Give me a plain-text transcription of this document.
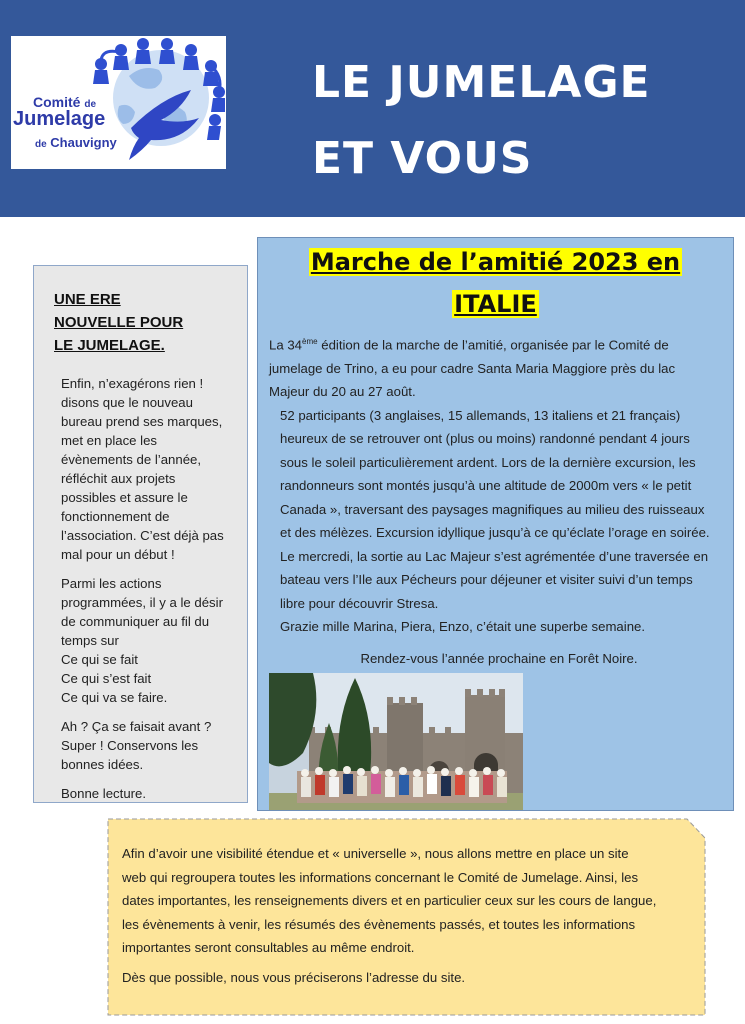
Comité de
Jumelage
de Chauvigny
LE JUMELAGE
ET VOUS
UNE ERE
NOUVELLE POUR
LE JUMELAGE.

Enfin, n’exagérons rien !
disons que le nouveau
bureau prend ses marques,
met en place les
évènements de l’année,
réfléchit aux projets
possibles et assure le
fonctionnement de
l’association. C’est déjà pas
mal pour un début !

Parmi les actions
programmées, il y a le désir
de communiquer au fil du
temps sur
Ce qui se fait
Ce qui s’est fait
Ce qui va se faire.

Ah ? Ça se faisait avant ?
Super ! Conservons les
bonnes idées.

Bonne lecture.

Marche de l’amitié 2023 en
ITALIE
La 34ème édition de la marche de l’amitié, organisée par le Comité de
jumelage de Trino, a eu pour cadre Santa Maria Maggiore près du lac
Majeur du 20 au 27 août.
52 participants (3 anglaises, 15 allemands, 13 italiens et 21 français)
heureux de se retrouver ont (plus ou moins) randonné pendant 4 jours
sous le soleil particulièrement ardent. Lors de la dernière excursion, les
randonneurs sont montés jusqu’à une altitude de 2000m vers « le petit
Canada », traversant des paysages magnifiques au milieu des ruisseaux
et des mélèzes. Excursion idyllique jusqu’à ce qu’éclate l’orage en soirée.
Le mercredi, la sortie au Lac Majeur s’est agrémentée d’une traversée en
bateau vers l’Ile aux Pécheurs pour déjeuner et visiter suivi d’un temps
libre pour découvrir Stresa.
Grazie mille Marina, Piera, Enzo, c’était une superbe semaine.
Rendez-vous l’année prochaine en Forêt Noire.

Afin d’avoir une visibilité étendue et « universelle », nous allons mettre en place un site
web qui regroupera toutes les informations concernant le Comité de Jumelage. Ainsi, les
dates importantes, les renseignements divers et en particulier ceux sur les cours de langue,
les évènements à venir, les résumés des évènements passés, et toutes les informations
importantes seront consultables au même endroit.

Dès que possible, nous vous préciserons l’adresse du site.
